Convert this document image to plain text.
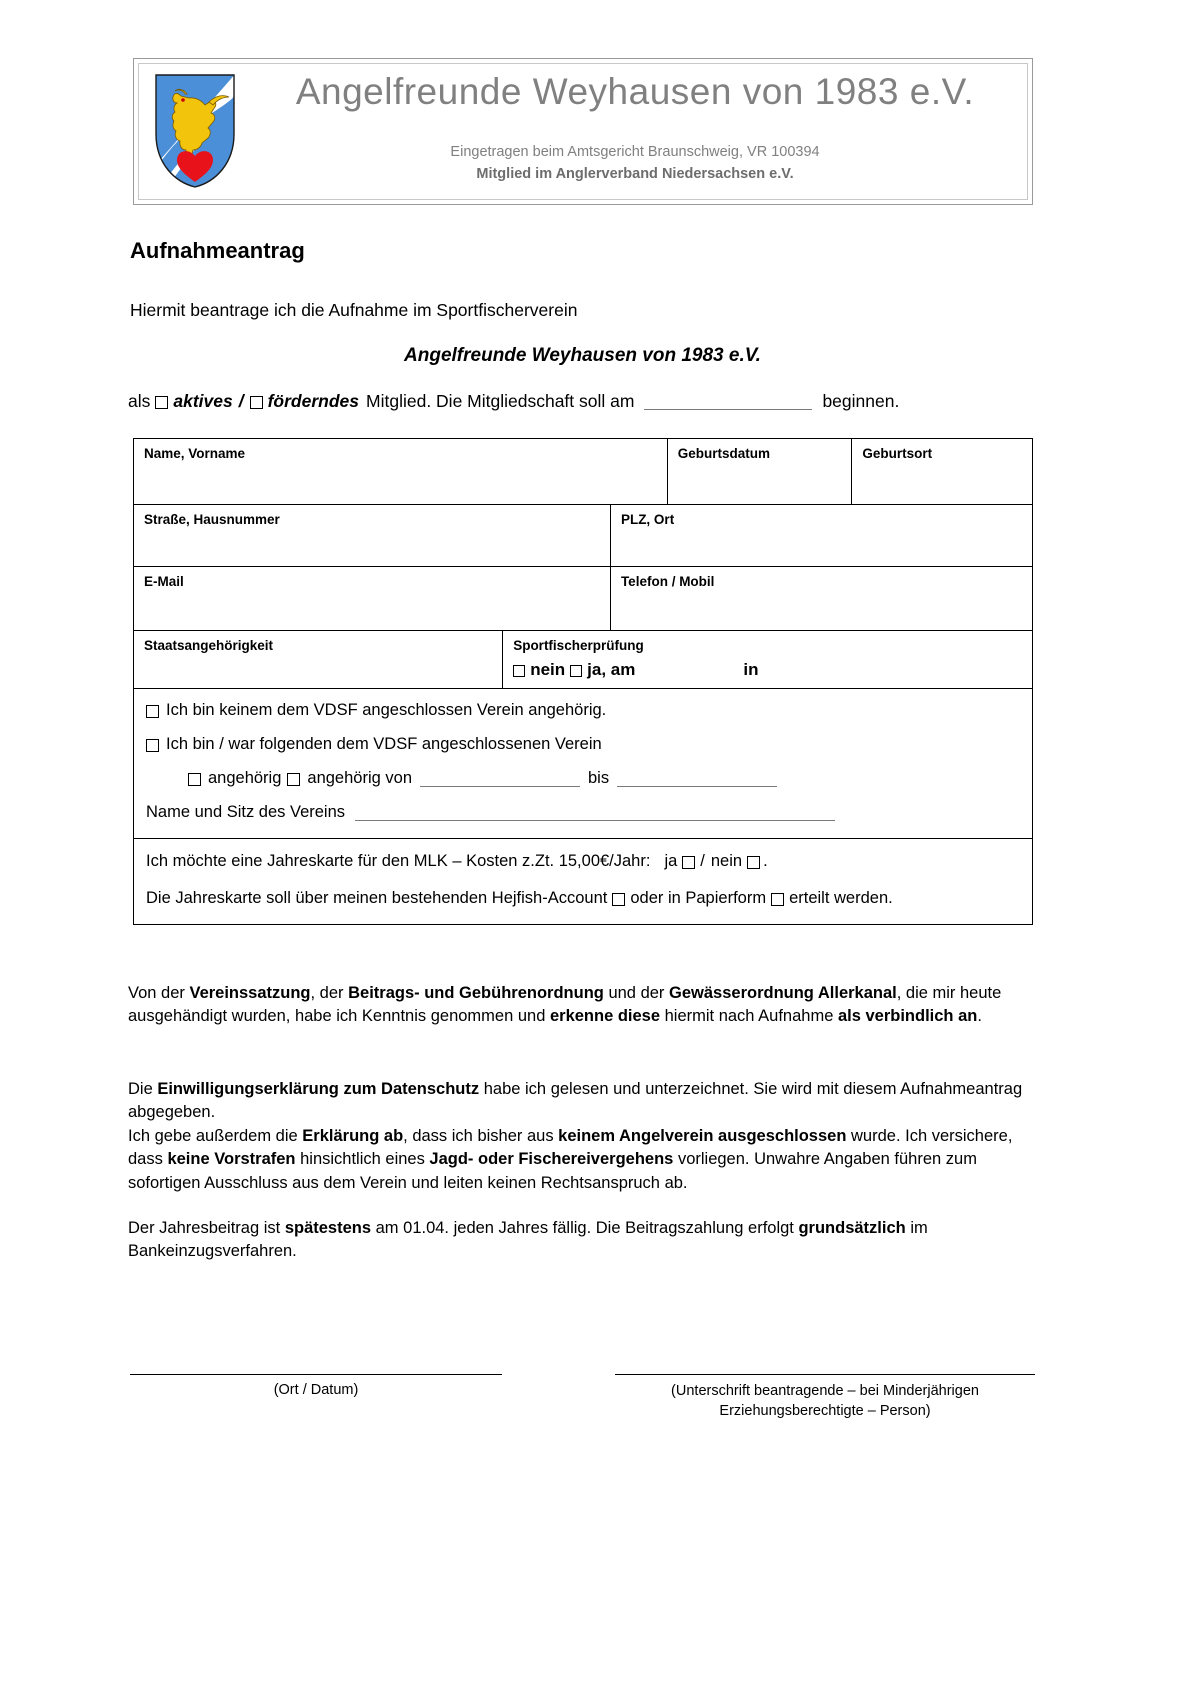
Angelfreunde Weyhausen von 1983 e.V.
Eingetragen beim Amtsgericht Braunschweig, VR 100394
Mitglied im Anglerverband Niedersachsen e.V.
Aufnahmeantrag
Hiermit beantrage ich die Aufnahme im Sportfischerverein
Angelfreunde Weyhausen von 1983 e.V.
als aktives / förderndes Mitglied. Die Mitgliedschaft soll am	beginnen.
Name, Vorname	Geburtsdatum	Geburtsort
Straße, Hausnummer	PLZ, Ort
E-Mail	Telefon / Mobil
Staatsangehörigkeit	Sportfischerprüfung
nein ja, am	in
Ich bin keinem dem VDSF angeschlossen Verein angehörig.
Ich bin / war folgenden dem VDSF angeschlossenen Verein
angehörig angehörig von	bis
Name und Sitz des Vereins
Ich möchte eine Jahreskarte für den MLK – Kosten z.Zt. 15,00€/Jahr: ja / nein .
Die Jahreskarte soll über meinen bestehenden Hejfish-Account oder in Papierform erteilt werden.
Von der Vereinssatzung, der Beitrags- und Gebührenordnung und der Gewässerordnung Allerkanal, die mir heute ausgehändigt wurden, habe ich Kenntnis genommen und erkenne diese hiermit nach Aufnahme als verbindlich an.
Die Einwilligungserklärung zum Datenschutz habe ich gelesen und unterzeichnet. Sie wird mit diesem Aufnahmeantrag abgegeben.
Ich gebe außerdem die Erklärung ab, dass ich bisher aus keinem Angelverein ausgeschlossen wurde. Ich versichere, dass keine Vorstrafen hinsichtlich eines Jagd- oder Fischereivergehens vorliegen. Unwahre Angaben führen zum sofortigen Ausschluss aus dem Verein und leiten keinen Rechtsanspruch ab.
Der Jahresbeitrag ist spätestens am 01.04. jeden Jahres fällig. Die Beitragszahlung erfolgt grundsätzlich im Bankeinzugsverfahren.
(Ort / Datum)	(Unterschrift beantragende – bei Minderjährigen
Erziehungsberechtigte – Person)
